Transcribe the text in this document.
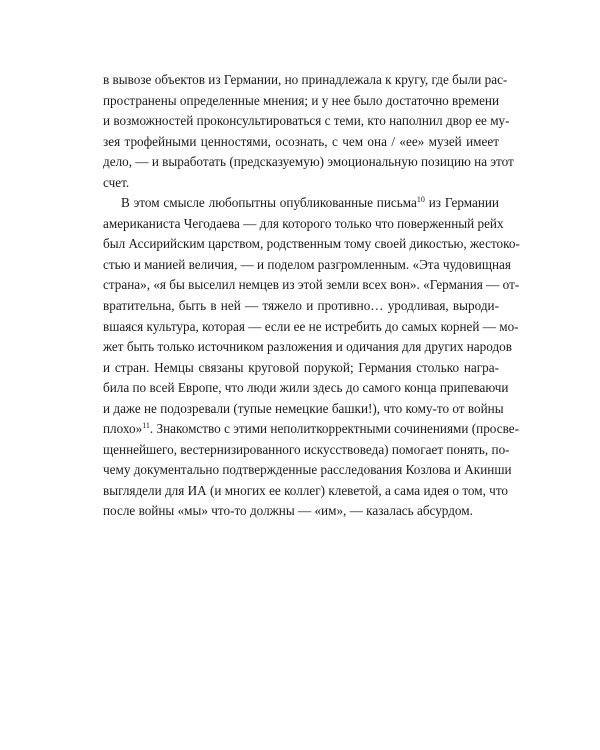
в вывозе объектов из Германии, но принадлежала к кругу, где были рас-
пространены определенные мнения; и у нее было достаточно времени
и возможностей проконсультироваться с теми, кто наполнил двор ее му-
зея трофейными ценностями, осознать, с чем она / «ее» музей имеет
дело, — и выработать (предсказуемую) эмоциональную позицию на этот
счет.
В этом смысле любопытны опубликованные письма$^{10}$ из Германии
американиста Чегодаева — для которого только что поверженный рейх
был Ассирийским царством, родственным тому своей дикостью, жестоко-
стью и манией величия, — и поделом разгромленным. «Эта чудовищная
страна», «я бы выселил немцев из этой земли всех вон». «Германия — от-
вратительна, быть в ней — тяжело и противно… уродливая, выроди-
вшаяся культура, которая — если ее не истребить до самых корней — мо-
жет быть только источником разложения и одичания для других народов
и стран. Немцы связаны круговой порукой; Германия столько награ-
била по всей Европе, что люди жили здесь до самого конца припеваючи
и даже не подозревали (тупые немецкие башки!), что кому-то от войны
плохо»$^{11}$. Знакомство с этими неполиткорректными сочинениями (просве-
щеннейшего, вестернизированного искусствоведа) помогает понять, по-
чему документально подтвержденные расследования Козлова и Акинши
выглядели для ИА (и многих ее коллег) клеветой, а сама идея о том, что
после войны «мы» что-то должны — «им», — казалась абсурдом.
